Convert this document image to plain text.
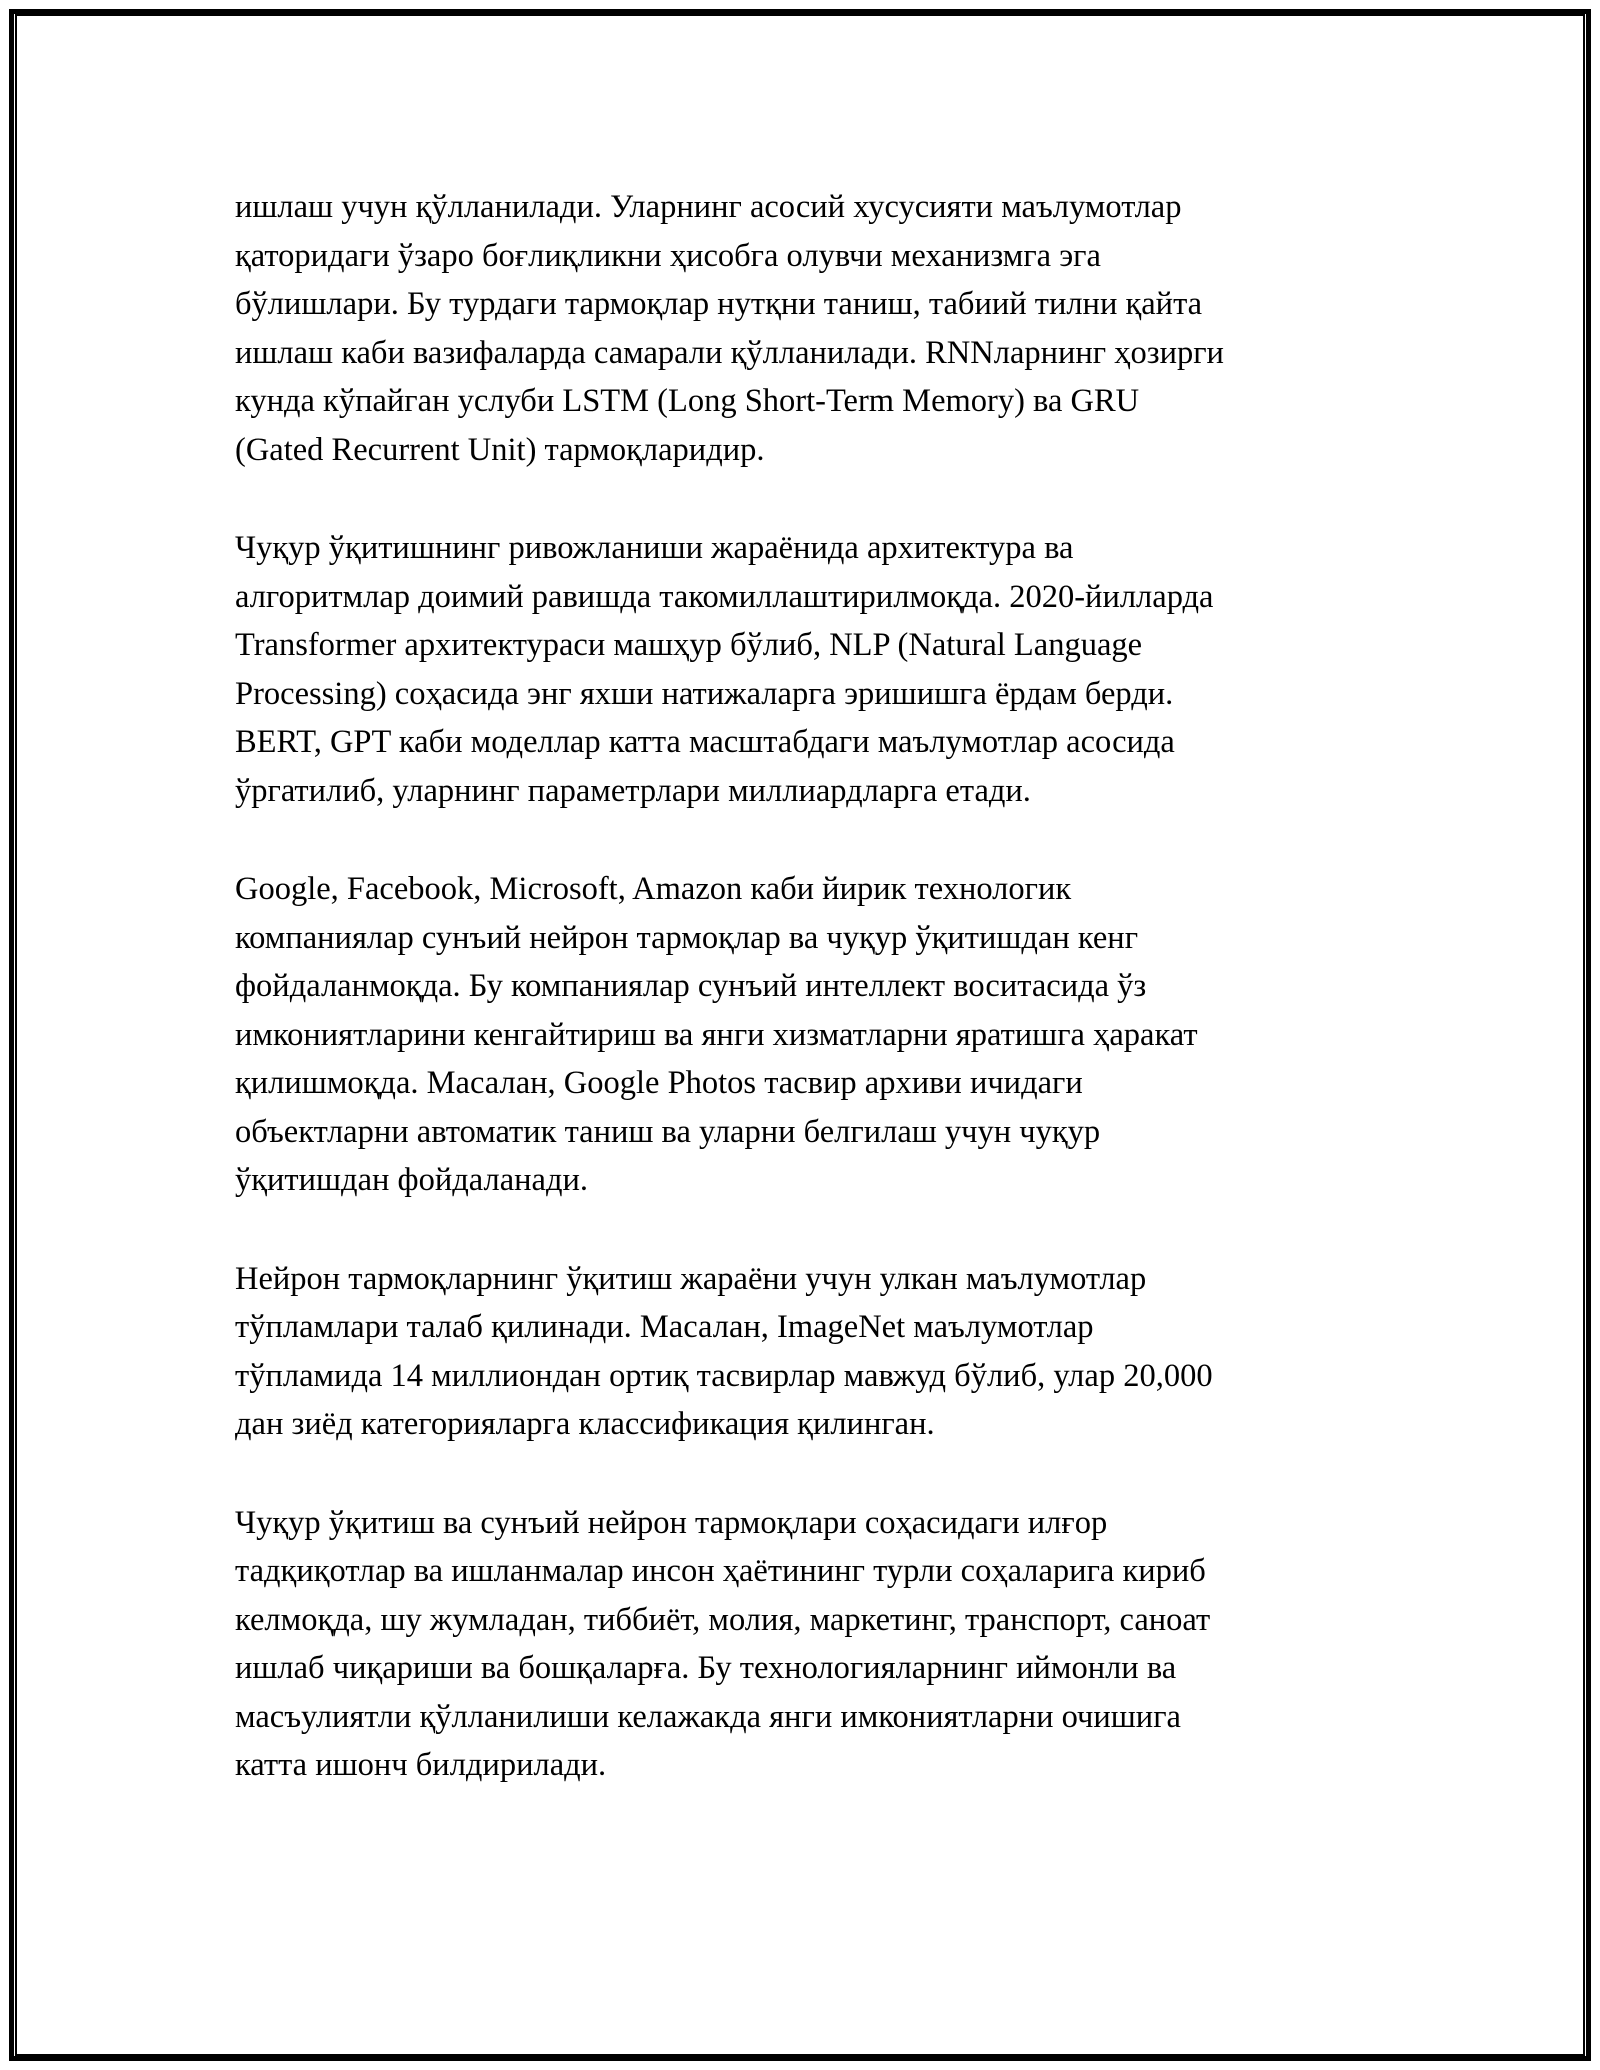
ишлаш учун қўлланилади. Уларнинг асосий хусусияти маълумотлар
қаторидаги ўзаро боғлиқликни ҳисобга олувчи механизмга эга
бўлишлари. Бу турдаги тармоқлар нутқни таниш, табиий тилни қайта
ишлаш каби вазифаларда самарали қўлланилади. RNNларнинг ҳозирги
кунда кўпайган услуби LSTM (Long Short-Term Memory) ва GRU
(Gated Recurrent Unit) тармоқларидир.

Чуқур ўқитишнинг ривожланиши жараёнида архитектура ва
алгоритмлар доимий равишда такомиллаштирилмоқда. 2020-йилларда
Transformer архитектураси машҳур бўлиб, NLP (Natural Language
Processing) соҳасида энг яхши натижаларга эришишга ёрдам берди.
BERT, GPT каби моделлар катта масштабдаги маълумотлар асосида
ўргатилиб, уларнинг параметрлари миллиардларга етади.

Google, Facebook, Microsoft, Amazon каби йирик технологик
компаниялар сунъий нейрон тармоқлар ва чуқур ўқитишдан кенг
фойдаланмоқда. Бу компаниялар сунъий интеллект воситасида ўз
имкониятларини кенгайтириш ва янги хизматларни яратишга ҳаракат
қилишмоқда. Масалан, Google Photos тасвир архиви ичидаги
объектларни автоматик таниш ва уларни белгилаш учун чуқур
ўқитишдан фойдаланади.

Нейрон тармоқларнинг ўқитиш жараёни учун улкан маълумотлар
тўпламлари талаб қилинади. Масалан, ImageNet маълумотлар
тўпламида 14 миллиондан ортиқ тасвирлар мавжуд бўлиб, улар 20,000
дан зиёд категорияларга классификация қилинган.

Чуқур ўқитиш ва сунъий нейрон тармоқлари соҳасидаги илғор
тадқиқотлар ва ишланмалар инсон ҳаётининг турли соҳаларига кириб
келмоқда, шу жумладан, тиббиёт, молия, маркетинг, транспорт, саноат
ишлаб чиқариши ва бошқаларға. Бу технологияларнинг иймонли ва
масъулиятли қўлланилиши келажакда янги имкониятларни очишига
катта ишонч билдирилади.
